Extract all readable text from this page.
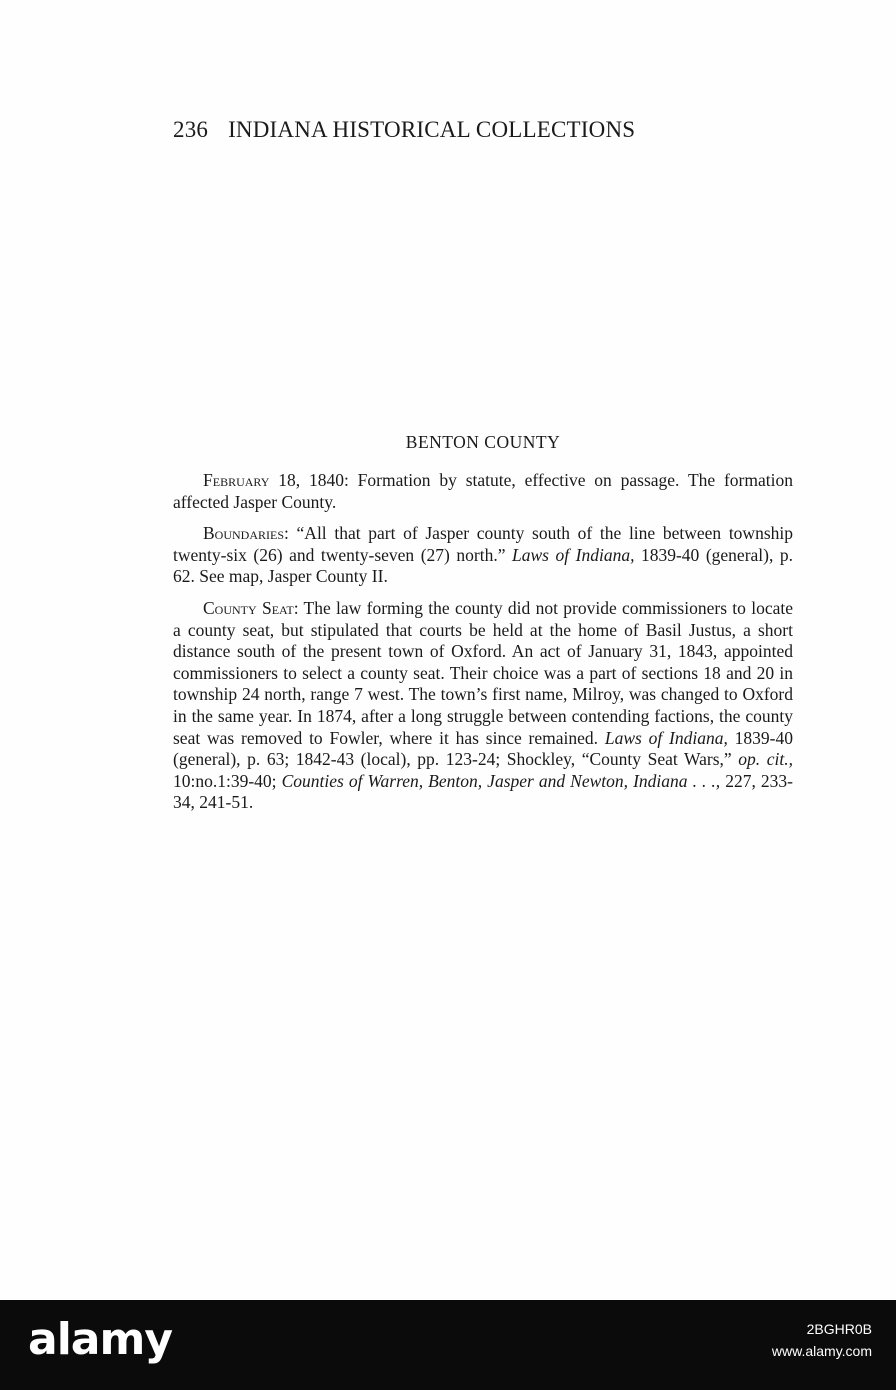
236 INDIANA HISTORICAL COLLECTIONS
BENTON COUNTY

February 18, 1840: Formation by statute, effective on passage. The formation affected Jasper County.

Boundaries: “All that part of Jasper county south of the line between township twenty-six (26) and twenty-seven (27) north.” Laws of Indiana, 1839-40 (general), p. 62. See map, Jasper County II.

County Seat: The law forming the county did not provide commissioners to locate a county seat, but stipulated that courts be held at the home of Basil Justus, a short distance south of the present town of Oxford. An act of January 31, 1843, appointed commissioners to select a county seat. Their choice was a part of sections 18 and 20 in township 24 north, range 7 west. The town’s first name, Milroy, was changed to Oxford in the same year. In 1874, after a long struggle between contending factions, the county seat was removed to Fowler, where it has since remained. Laws of Indiana, 1839-40 (general), p. 63; 1842-43 (local), pp. 123-24; Shockley, “County Seat Wars,” op. cit., 10:no.1:39-40; Counties of Warren, Benton, Jasper and Newton, Indiana . . ., 227, 233-34, 241-51.

alamy	2BGHR0B
www.alamy.com
